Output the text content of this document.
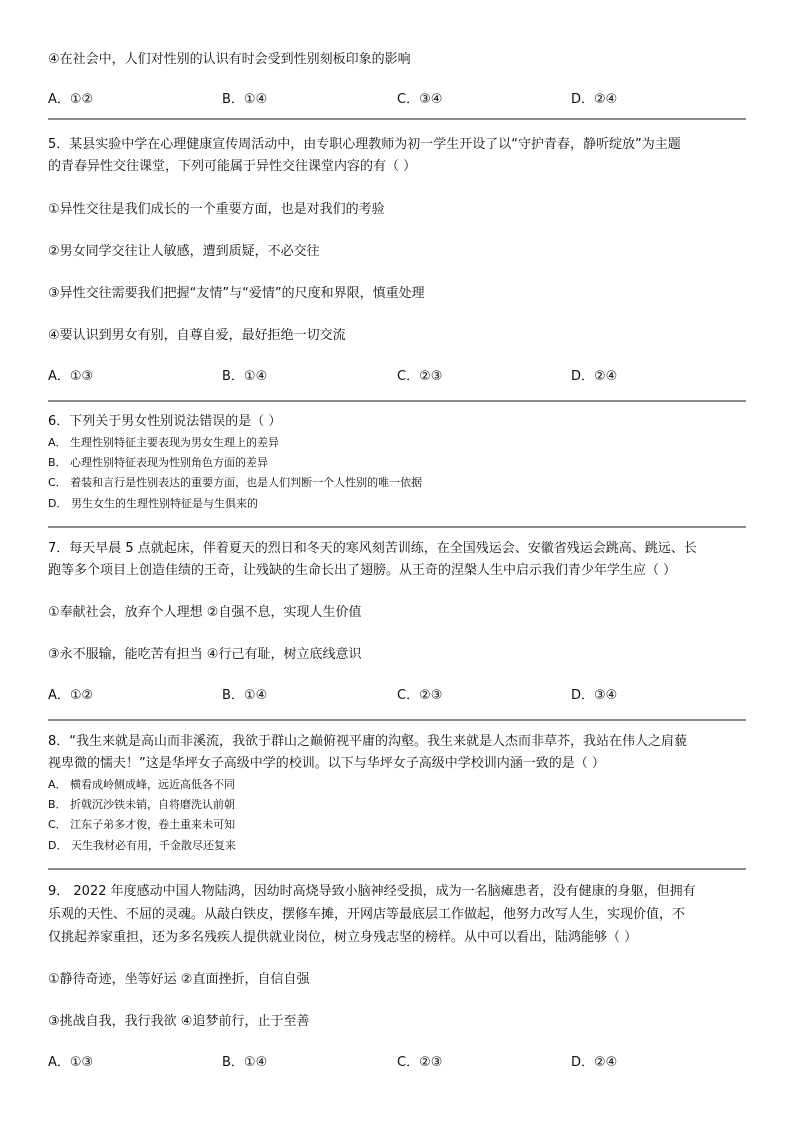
④在社会中，人们对性别的认识有时会受到性别刻板印象的影响
A．①②	B．①④	C．③④	D．②④
5．某县实验中学在心理健康宣传周活动中，由专职心理教师为初一学生开设了以“守护青春，静听绽放”为主题
的青春异性交往课堂，下列可能属于异性交往课堂内容的有（ ）
①异性交往是我们成长的一个重要方面，也是对我们的考验
②男女同学交往让人敏感，遭到质疑，不必交往
③异性交往需要我们把握“友情”与“爱情”的尺度和界限，慎重处理
④要认识到男女有别，自尊自爱，最好拒绝一切交流
A．①③	B．①④	C．②③	D．②④
6．下列关于男女性别说法错误的是（ ）
A． 生理性别特征主要表现为男女生理上的差异
B． 心理性别特征表现为性别角色方面的差异
C． 着装和言行是性别表达的重要方面，也是人们判断一个人性别的唯一依据
D． 男生女生的生理性别特征是与生俱来的
7．每天早晨 5 点就起床，伴着夏天的烈日和冬天的寒风刻苦训练，在全国残运会、安徽省残运会跳高、跳远、长
跑等多个项目上创造佳绩的王奇，让残缺的生命长出了翅膀。从王奇的涅槃人生中启示我们青少年学生应（ ）
①奉献社会，放弃个人理想 ②自强不息，实现人生价值
③永不服输，能吃苦有担当 ④行己有耻，树立底线意识
A．①②	B．①④	C．②③	D．③④
8．“我生来就是高山而非溪流，我欲于群山之巅俯视平庸的沟壑。我生来就是人杰而非草芥，我站在伟人之肩藐
视卑微的懦夫！”这是华坪女子高级中学的校训。以下与华坪女子高级中学校训内涵一致的是（ ）
A． 横看成岭侧成峰，远近高低各不同
B． 折戟沉沙铁未销，自将磨洗认前朝
C． 江东子弟多才俊，卷土重来未可知
D． 天生我材必有用，千金散尽还复来
9． 2022 年度感动中国人物陆鸿，因幼时高烧导致小脑神经受损，成为一名脑瘫患者，没有健康的身躯，但拥有
乐观的天性、不屈的灵魂。从敲白铁皮，摆修车摊，开网店等最底层工作做起，他努力改写人生，实现价值，不
仅挑起养家重担，还为多名残疾人提供就业岗位，树立身残志坚的榜样。从中可以看出，陆鸿能够（ ）
①静待奇迹，坐等好运 ②直面挫折，自信自强
③挑战自我，我行我欲 ④追梦前行，止于至善
A．①③	B．①④	C．②③	D．②④
